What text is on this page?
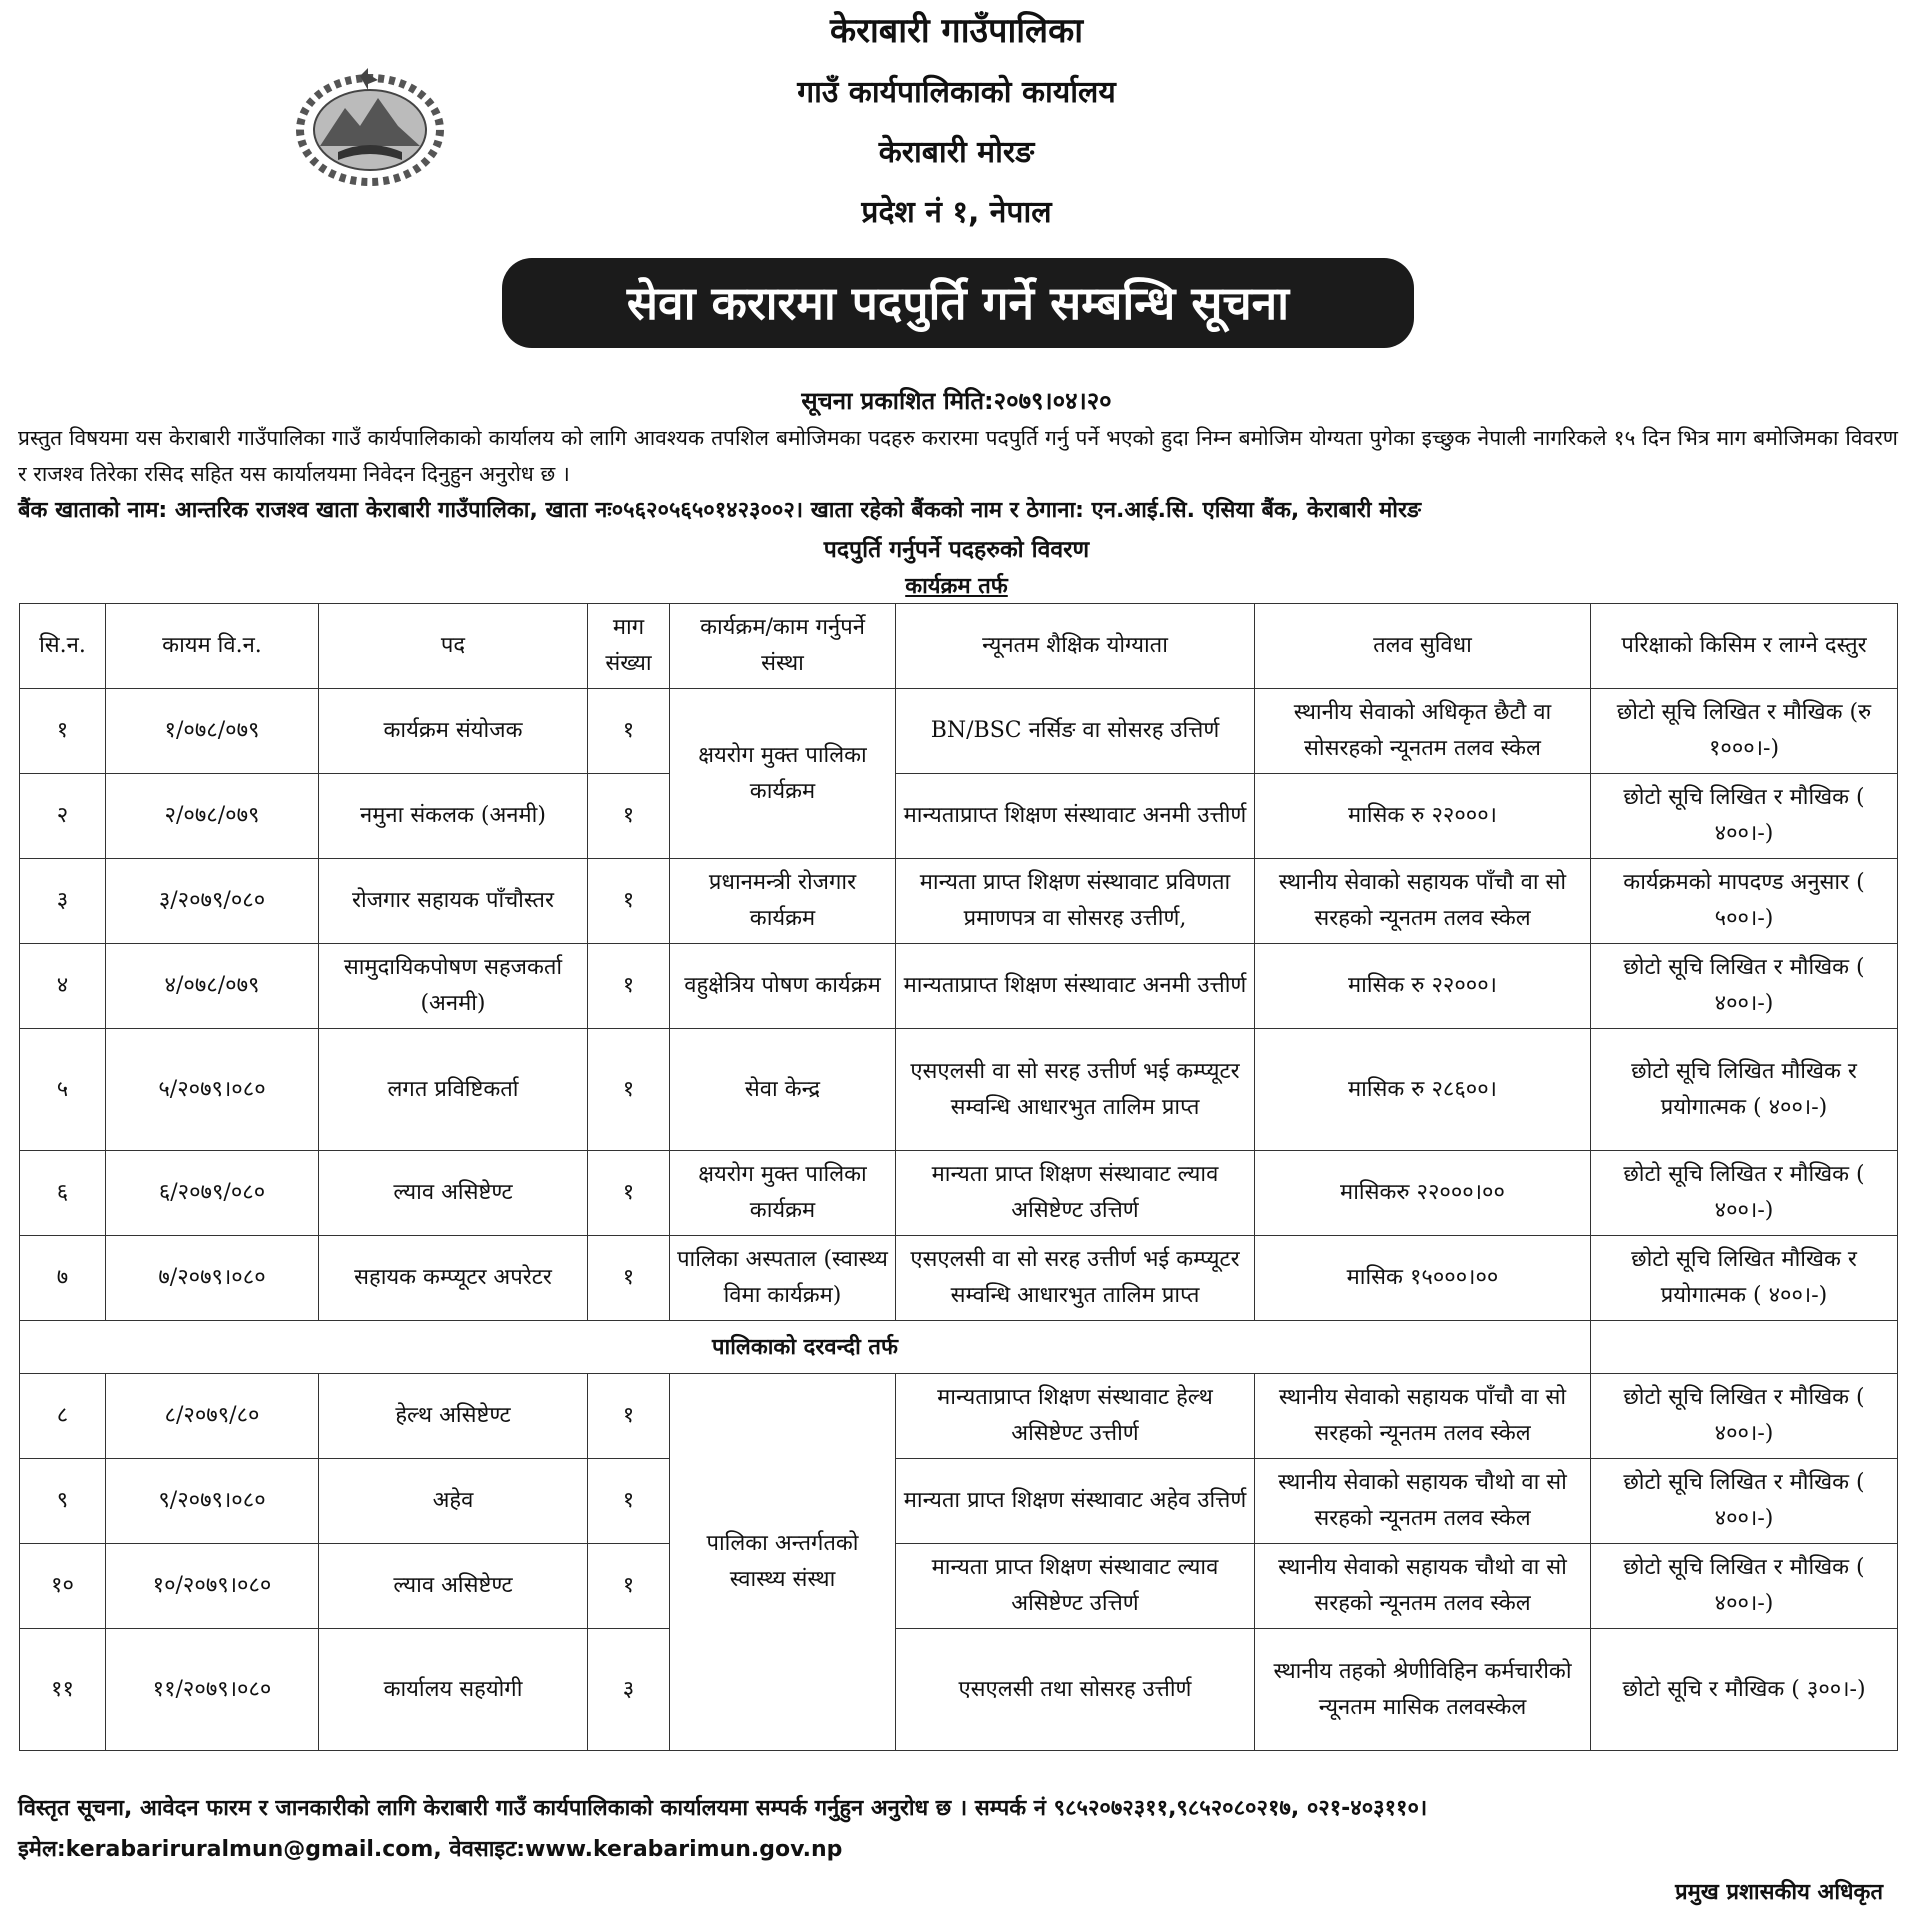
केराबारी गाउँपालिका
गाउँ कार्यपालिकाको कार्यालय
केराबारी मोरङ
प्रदेश नं १, नेपाल
सेवा करारमा पदपुर्ति गर्ने सम्बन्धि सूचना
सूचना प्रकाशित मिति:२०७९।०४।२०
प्रस्तुत विषयमा यस केराबारी गाउँपालिका गाउँ कार्यपालिकाको कार्यालय को लागि आवश्यक तपशिल बमोजिमका पदहरु करारमा पदपुर्ति गर्नु पर्ने भएको हुदा निम्न बमोजिम योग्यता पुगेका इच्छुक नेपाली नागरिकले १५ दिन भित्र माग बमोजिमका विवरण र राजश्व तिरेका रसिद सहित यस कार्यालयमा निवेदन दिनुहुन अनुरोध छ ।
बैंक खाताको नाम: आन्तरिक राजश्व खाता केराबारी गाउँपालिका, खाता नः०५६२०५६५०१४२३००२। खाता रहेको बैंकको नाम र ठेगाना: एन.आई.सि. एसिया बैंक, केराबारी मोरङ
पदपुर्ति गर्नुपर्ने पदहरुको विवरण
कार्यक्रम तर्फ
सि.न.	कायम वि.न.	पद	माग संख्या	कार्यक्रम/काम गर्नुपर्ने संस्था	न्यूनतम शैक्षिक योग्याता	तलव सुविधा	परिक्षाको किसिम र लाग्ने दस्तुर
१	१/०७८/०७९	कार्यक्रम संयोजक	१	क्षयरोग मुक्त पालिका कार्यक्रम	BN/BSC नर्सिङ वा सोसरह उत्तिर्ण	स्थानीय सेवाको अधिकृत छैटौ वा सोसरहको न्यूनतम तलव स्केल	छोटो सूचि लिखित र मौखिक (रु १०००।-)
२	२/०७८/०७९	नमुना संकलक (अनमी)	१		मान्यताप्राप्त शिक्षण संस्थावाट अनमी उत्तीर्ण	मासिक रु २२०००।	छोटो सूचि लिखित र मौखिक ( ४००।-)
३	३/२०७९/०८०	रोजगार सहायक पाँचौस्तर	१	प्रधानमन्त्री रोजगार कार्यक्रम	मान्यता प्राप्त शिक्षण संस्थावाट प्रविणता प्रमाणपत्र वा सोसरह उत्तीर्ण,	स्थानीय सेवाको सहायक पाँचौ वा सो सरहको न्यूनतम तलव स्केल	कार्यक्रमको मापदण्ड अनुसार ( ५००।-)
४	४/०७८/०७९	सामुदायिकपोषण सहजकर्ता (अनमी)	१	वहुक्षेत्रिय पोषण कार्यक्रम	मान्यताप्राप्त शिक्षण संस्थावाट अनमी उत्तीर्ण	मासिक रु २२०००।	छोटो सूचि लिखित र मौखिक ( ४००।-)
५	५/२०७९।०८०	लगत प्रविष्टिकर्ता	१	सेवा केन्द्र	एसएलसी वा सो सरह उत्तीर्ण भई कम्प्यूटर सम्वन्धि आधारभुत तालिम प्राप्त	मासिक रु २८६००।	छोटो सूचि लिखित मौखिक र प्रयोगात्मक ( ४००।-)
६	६/२०७९/०८०	ल्याव असिष्टेण्ट	१	क्षयरोग मुक्त पालिका कार्यक्रम	मान्यता प्राप्त शिक्षण संस्थावाट ल्याव असिष्टेण्ट उत्तिर्ण	मासिकरु २२०००।००	छोटो सूचि लिखित र मौखिक ( ४००।-)
७	७/२०७९।०८०	सहायक कम्प्यूटर अपरेटर	१	पालिका अस्पताल (स्वास्थ्य विमा कार्यक्रम)	एसएलसी वा सो सरह उत्तीर्ण भई कम्प्यूटर सम्वन्धि आधारभुत तालिम प्राप्त	मासिक १५०००।००	छोटो सूचि लिखित मौखिक र प्रयोगात्मक ( ४००।-)
पालिकाको दरवन्दी तर्फ							
८	८/२०७९/८०	हेल्थ असिष्टेण्ट	१	पालिका अन्तर्गतको स्वास्थ्य संस्था	मान्यताप्राप्त शिक्षण संस्थावाट हेल्थ असिष्टेण्ट उत्तीर्ण	स्थानीय सेवाको सहायक पाँचौ वा सो सरहको न्यूनतम तलव स्केल	छोटो सूचि लिखित र मौखिक ( ४००।-)
९	९/२०७९।०८०	अहेव	१		मान्यता प्राप्त शिक्षण संस्थावाट अहेव उत्तिर्ण	स्थानीय सेवाको सहायक चौथो वा सो सरहको न्यूनतम तलव स्केल	छोटो सूचि लिखित र मौखिक ( ४००।-)
१०	१०/२०७९।०८०	ल्याव असिष्टेण्ट	१		मान्यता प्राप्त शिक्षण संस्थावाट ल्याव असिष्टेण्ट उत्तिर्ण	स्थानीय सेवाको सहायक चौथो वा सो सरहको न्यूनतम तलव स्केल	छोटो सूचि लिखित र मौखिक ( ४००।-)
११	११/२०७९।०८०	कार्यालय सहयोगी	३		एसएलसी तथा सोसरह उत्तीर्ण	स्थानीय तहको श्रेणीविहिन कर्मचारीको न्यूनतम मासिक तलवस्केल	छोटो सूचि र मौखिक ( ३००।-)
विस्तृत सूचना, आवेदन फारम र जानकारीको लागि केराबारी गाउँ कार्यपालिकाको कार्यालयमा सम्पर्क गर्नुहुन अनुरोध छ । सम्पर्क नं ९८५२०७२३११,९८५२०८०२१७, ०२१-४०३११०।
इमेल:kerabariruralmun@gmail.com, वेवसाइट:www.kerabarimun.gov.np
प्रमुख प्रशासकीय अधिकृत
